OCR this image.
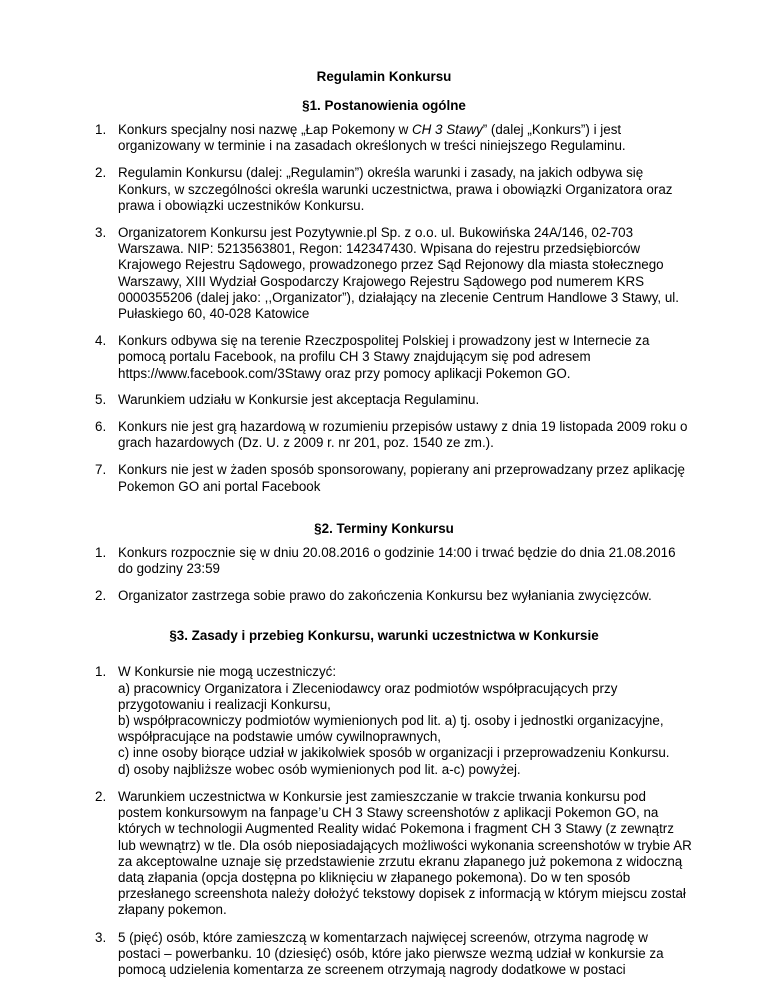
Regulamin Konkursu
§1. Postanowienia ogólne
1. Konkurs specjalny nosi nazwę „Łap Pokemony w CH 3 Stawy” (dalej „Konkurs”) i jest organizowany w terminie i na zasadach określonych w treści niniejszego Regulaminu.

2. Regulamin Konkursu (dalej: „Regulamin”) określa warunki i zasady, na jakich odbywa się Konkurs, w szczególności określa warunki uczestnictwa, prawa i obowiązki Organizatora oraz prawa i obowiązki uczestników Konkursu.

3. Organizatorem Konkursu jest Pozytywnie.pl Sp. z o.o. ul. Bukowińska 24A/146, 02-703 Warszawa. NIP: 5213563801, Regon: 142347430. Wpisana do rejestru przedsiębiorców Krajowego Rejestru Sądowego, prowadzonego przez Sąd Rejonowy dla miasta stołecznego Warszawy, XIII Wydział Gospodarczy Krajowego Rejestru Sądowego pod numerem KRS 0000355206 (dalej jako: ,,Organizator”), działający na zlecenie Centrum Handlowe 3 Stawy, ul. Pułaskiego 60, 40-028 Katowice

4. Konkurs odbywa się na terenie Rzeczpospolitej Polskiej i prowadzony jest w Internecie za pomocą portalu Facebook, na profilu CH 3 Stawy znajdującym się pod adresem https://www.facebook.com/3Stawy oraz przy pomocy aplikacji Pokemon GO.

5. Warunkiem udziału w Konkursie jest akceptacja Regulaminu.

6. Konkurs nie jest grą hazardową w rozumieniu przepisów ustawy z dnia 19 listopada 2009 roku o grach hazardowych (Dz. U. z 2009 r. nr 201, poz. 1540 ze zm.).

7. Konkurs nie jest w żaden sposób sponsorowany, popierany ani przeprowadzany przez aplikację Pokemon GO ani portal Facebook

§2. Terminy Konkursu
1. Konkurs rozpocznie się w dniu 20.08.2016 o godzinie 14:00 i trwać będzie do dnia 21.08.2016 do godziny 23:59

2. Organizator zastrzega sobie prawo do zakończenia Konkursu bez wyłaniania zwycięzców.

§3. Zasady i przebieg Konkursu, warunki uczestnictwa w Konkursie
1. W Konkursie nie mogą uczestniczyć:

a) pracownicy Organizatora i Zleceniodawcy oraz podmiotów współpracujących przy przygotowaniu i realizacji Konkursu,

b) współpracowniczy podmiotów wymienionych pod lit. a) tj. osoby i jednostki organizacyjne, współpracujące na podstawie umów cywilnoprawnych,

c) inne osoby biorące udział w jakikolwiek sposób w organizacji i przeprowadzeniu Konkursu.

d) osoby najbliższe wobec osób wymienionych pod lit. a-c) powyżej.

2. Warunkiem uczestnictwa w Konkursie jest zamieszczanie w trakcie trwania konkursu pod postem konkursowym na fanpage’u CH 3 Stawy screenshotów z aplikacji Pokemon GO, na których w technologii Augmented Reality widać Pokemona i fragment CH 3 Stawy (z zewnątrz lub wewnątrz) w tle. Dla osób nieposiadających możliwości wykonania screenshotów w trybie AR za akceptowalne uznaje się przedstawienie zrzutu ekranu złapanego już pokemona z widoczną datą złapania (opcja dostępna po kliknięciu w złapanego pokemona). Do w ten sposób przesłanego screenshota należy dołożyć tekstowy dopisek z informacją w którym miejscu został złapany pokemon.

3. 5 (pięć) osób, które zamieszczą w komentarzach najwięcej screenów, otrzyma nagrodę w postaci – powerbanku. 10 (dziesięć) osób, które jako pierwsze wezmą udział w konkursie za pomocą udzielenia komentarza ze screenem otrzymają nagrody dodatkowe w postaci
